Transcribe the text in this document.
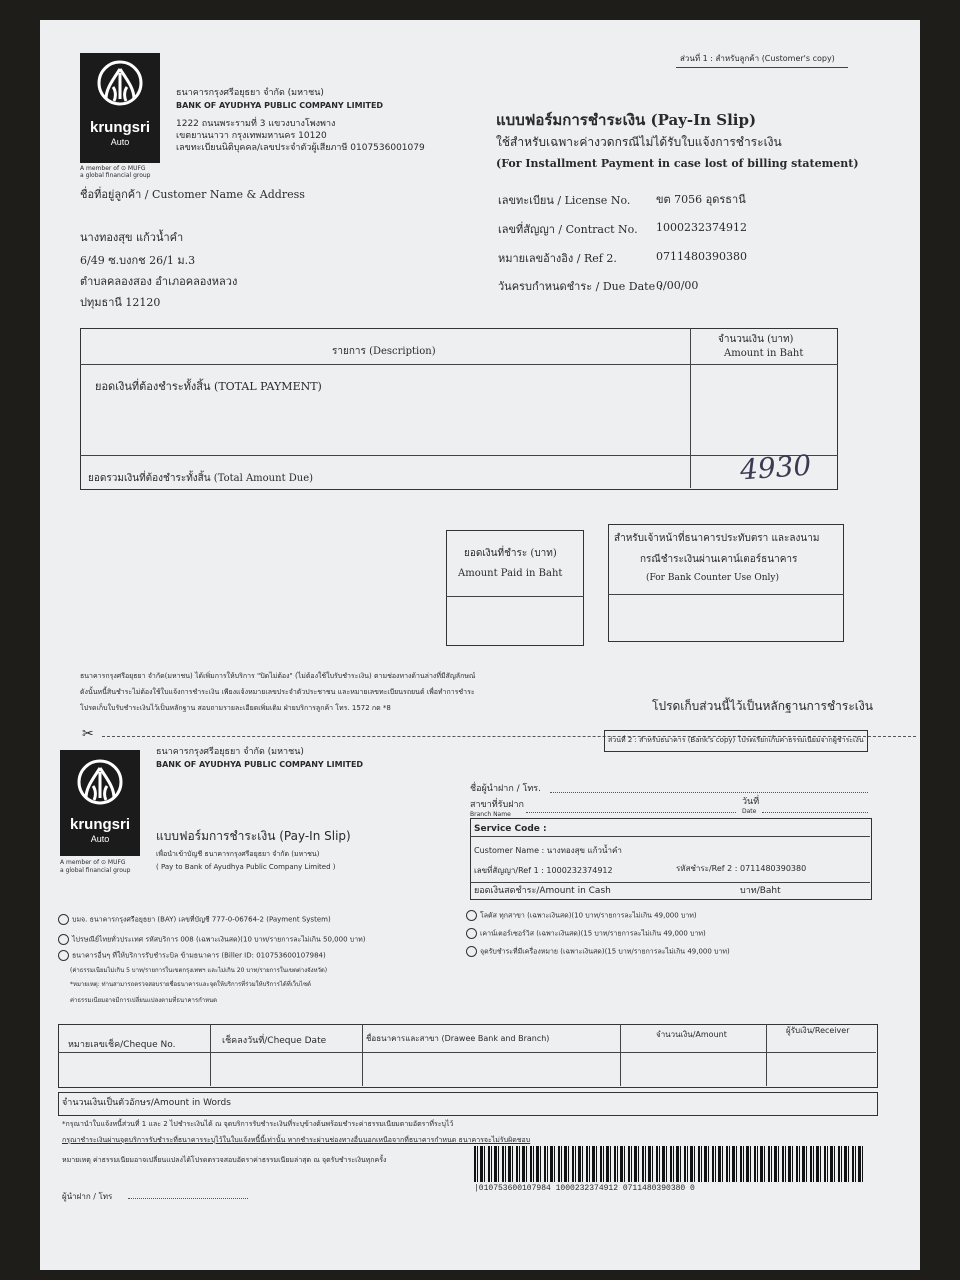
ส่วนที่ 1 : สำหรับลูกค้า (Customer's copy)
krungsri
Auto
A member of ⊙ MUFG
a global financial group
ธนาคารกรุงศรีอยุธยา จำกัด (มหาชน)
BANK OF AYUDHYA PUBLIC COMPANY LIMITED
1222 ถนนพระรามที่ 3 แขวงบางโพงพาง
เขตยานนาวา กรุงเทพมหานคร 10120
เลขทะเบียนนิติบุคคล/เลขประจำตัวผู้เสียภาษี 0107536001079
แบบฟอร์มการชำระเงิน (Pay-In Slip)
ใช้สำหรับเฉพาะค่างวดกรณีไม่ได้รับใบแจ้งการชำระเงิน
(For Installment Payment in case lost of billing statement)
ชื่อที่อยู่ลูกค้า / Customer Name & Address
นางทองสุข แก้วน้ำคำ
6/49 ซ.บงกช 26/1 ม.3
ตำบลคลองสอง อำเภอคลองหลวง
ปทุมธานี 12120
เลขทะเบียน / License No. ขต 7056 อุดรธานี
เลขที่สัญญา / Contract No. 1000232374912
หมายเลขอ้างอิง / Ref 2.	0711480390380
วันครบกำหนดชำระ / Due Date :
0/00/00
รายการ (Description)
จำนวนเงิน (บาท)
Amount in Baht
ยอดเงินที่ต้องชำระทั้งสิ้น (TOTAL PAYMENT)
ยอดรวมเงินที่ต้องชำระทั้งสิ้น (Total Amount Due)	4930
ยอดเงินที่ชำระ (บาท)
Amount Paid in Baht
สำหรับเจ้าหน้าที่ธนาคารประทับตรา และลงนาม
กรณีชำระเงินผ่านเคาน์เตอร์ธนาคาร
(For Bank Counter Use Only)
ธนาคารกรุงศรีอยุธยา จำกัด(มหาชน) ได้เพิ่มการให้บริการ "ปิดไม่ต้อง" (ไม่ต้องใช้ใบรับชำระเงิน) ตามช่องทางด้านล่างที่มีสัญลักษณ์
ดังนั้นหนี้สินชำระไม่ต้องใช้ใบแจ้งการชำระเงิน เพียงแจ้งหมายเลขประจำตัวประชาชน และหมายเลขทะเบียนรถยนต์ เพื่อทำการชำระ
โปรดเก็บใบรับชำระเงินไว้เป็นหลักฐาน สอบถามรายละเอียดเพิ่มเติม ฝ่ายบริการลูกค้า โทร. 1572 กด *8	โปรดเก็บส่วนนี้ไว้เป็นหลักฐานการชำระเงิน
✂	ส่วนที่ 2 : สำหรับธนาคาร (Bank's copy) โปรดเรียกเก็บค่าธรรมเนียมจากผู้ชำระเงิน
krungsri
Auto
A member of ⊙ MUFG
a global financial group
ธนาคารกรุงศรีอยุธยา จำกัด (มหาชน)
BANK OF AYUDHYA PUBLIC COMPANY LIMITED
แบบฟอร์มการชำระเงิน (Pay-In Slip)
เพื่อนำเข้าบัญชี ธนาคารกรุงศรีอยุธยา จำกัด (มหาชน)
( Pay to Bank of Ayudhya Public Company Limited )
ชื่อผู้นำฝาก / โทร.
สาขาที่รับฝาก
Branch Name
วันที่
Date
Service Code :
Customer Name : นางทองสุข แก้วน้ำคำ
เลขที่สัญญา/Ref 1 : 1000232374912	รหัสชำระ/Ref 2 : 0711480390380
ยอดเงินสดชำระ/Amount in Cash	บาท/Baht
บมจ. ธนาคารกรุงศรีอยุธยา (BAY) เลขที่บัญชี 777-0-06764-2 (Payment System)
ไปรษณีย์ไทยทั่วประเทศ รหัสบริการ 008 (เฉพาะเงินสด)(10 บาท/รายการละไม่เกิน 50,000 บาท)
ธนาคารอื่นๆ ที่ให้บริการรับชำระบิล ข้ามธนาคาร (Biller ID: 010753600107984)
โลตัส ทุกสาขา (เฉพาะเงินสด)(10 บาท/รายการละไม่เกิน 49,000 บาท)
เคาน์เตอร์เซอร์วิส (เฉพาะเงินสด)(15 บาท/รายการละไม่เกิน 49,000 บาท)
จุดรับชำระที่มีเครื่องหมาย (เฉพาะเงินสด)(15 บาท/รายการละไม่เกิน 49,000 บาท)
(ค่าธรรมเนียมไม่เกิน 5 บาท/รายการในเขตกรุงเทพฯ และไม่เกิน 20 บาท/รายการในเขตต่างจังหวัด)
*หมายเหตุ: ท่านสามารถตรวจสอบรายชื่อธนาคารและจุดให้บริการที่ร่วมให้บริการได้ที่เว็บไซต์
ค่าธรรมเนียมอาจมีการเปลี่ยนแปลงตามที่ธนาคารกำหนด
หมายเลขเช็ค/Cheque No.	เช็คลงวันที่/Cheque Date	ชื่อธนาคารและสาขา (Drawee Bank and Branch)	จำนวนเงิน/Amount	ผู้รับเงิน/Receiver
จำนวนเงินเป็นตัวอักษร/Amount in Words
*กรุณานำใบแจ้งหนี้ส่วนที่ 1 และ 2 ไปชำระเงินได้ ณ จุดบริการรับชำระเงินที่ระบุข้างต้นพร้อมชำระค่าธรรมเนียมตามอัตราที่ระบุไว้
กรุณาชำระเงินผ่านจุดบริการรับชำระที่ธนาคารระบุไว้ในใบแจ้งหนี้นี้เท่านั้น หากชำระผ่านช่องทางอื่นนอกเหนือจากที่ธนาคารกำหนด ธนาคารจะไม่รับผิดชอบ
หมายเหตุ ค่าธรรมเนียมอาจเปลี่ยนแปลงได้โปรดตรวจสอบอัตราค่าธรรมเนียมล่าสุด ณ จุดรับชำระเงินทุกครั้ง
ผู้นำฝาก / โทร
|010753600107984 1000232374912 0711480390380 0
